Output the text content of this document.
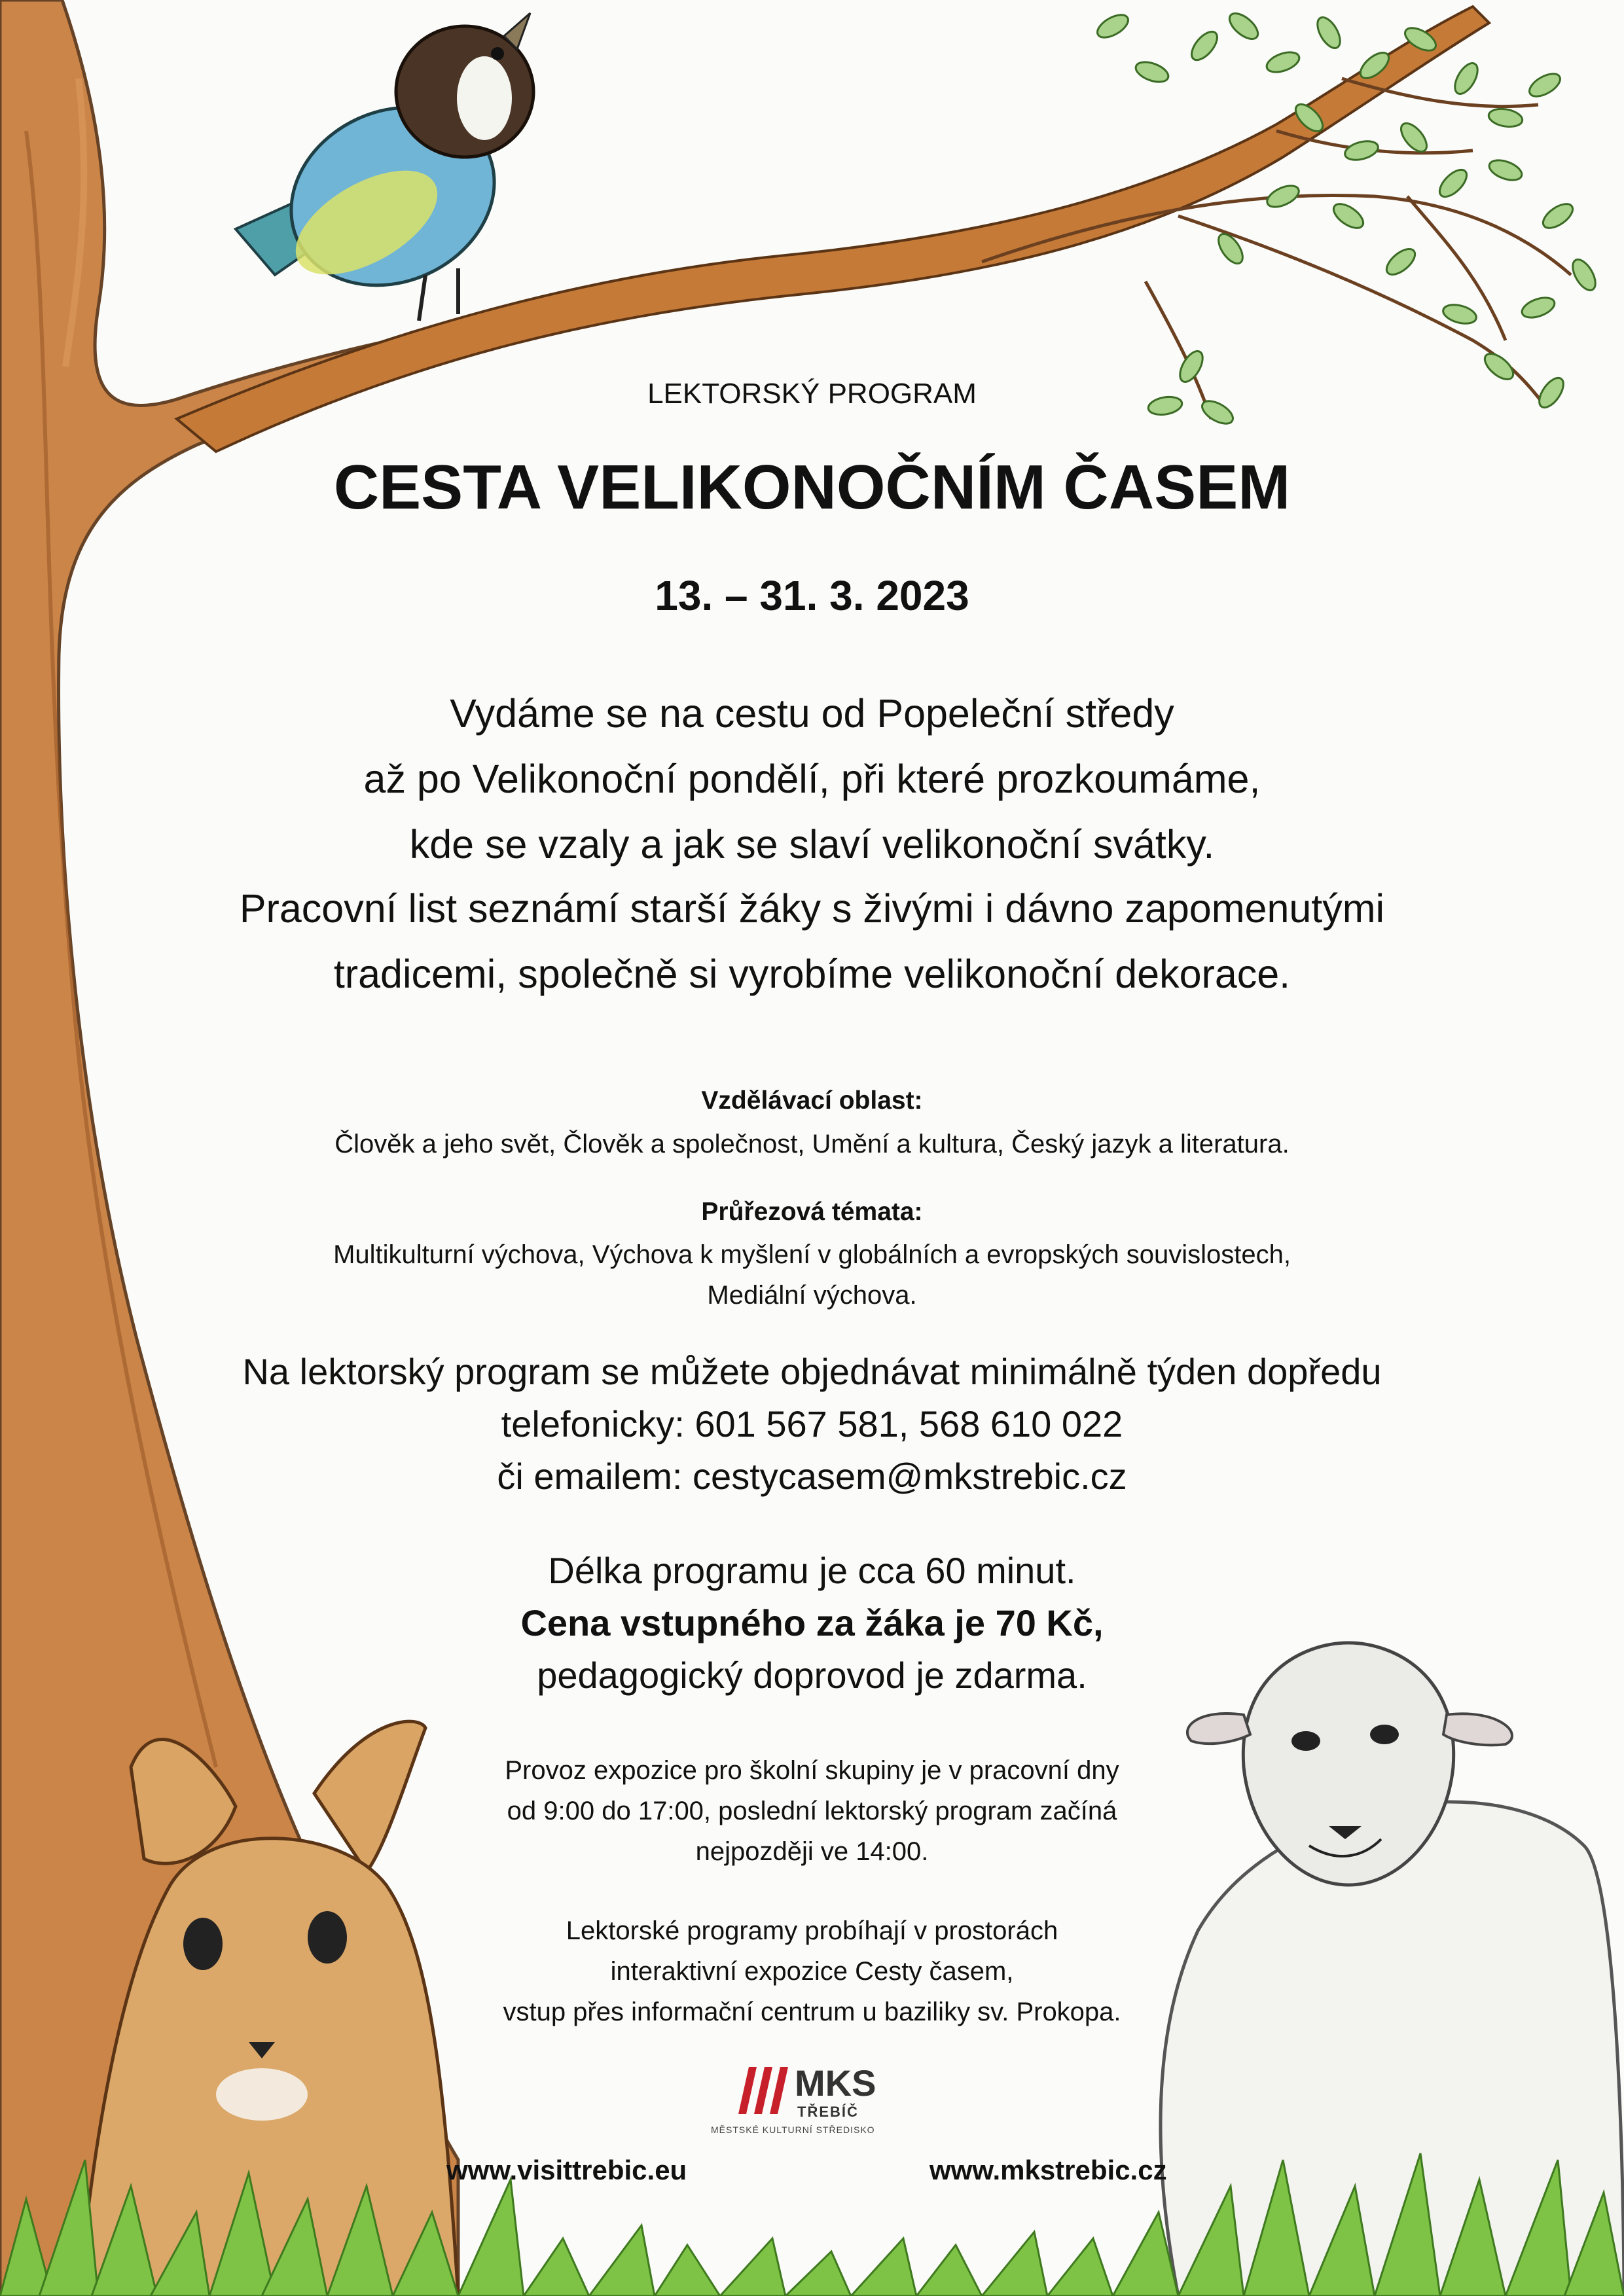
LEKTORSKÝ PROGRAM
CESTA VELIKONOČNÍM ČASEM
13. – 31. 3. 2023
Vydáme se na cestu od Popeleční středy
až po Velikonoční pondělí, při které prozkoumáme,
kde se vzaly a jak se slaví velikonoční svátky.
Pracovní list seznámí starší žáky s živými i dávno zapomenutými
tradicemi, společně si vyrobíme velikonoční dekorace.
Vzdělávací oblast:
Člověk a jeho svět, Člověk a společnost, Umění a kultura, Český jazyk a literatura.
Průřezová témata:
Multikulturní výchova, Výchova k myšlení v globálních a evropských souvislostech,
Mediální výchova.
Na lektorský program se můžete objednávat minimálně týden dopředu
telefonicky: 601 567 581, 568 610 022
či emailem: cestycasem@mkstrebic.cz
Délka programu je cca 60 minut.
Cena vstupného za žáka je 70 Kč,
pedagogický doprovod je zdarma.
Provoz expozice pro školní skupiny je v pracovní dny
od 9:00 do 17:00, poslední lektorský program začíná
nejpozději ve 14:00.
Lektorské programy probíhají v prostorách
interaktivní expozice Cesty časem,
vstup přes informační centrum u baziliky sv. Prokopa.
MKS
TŘEBÍČ
MĚSTSKÉ KULTURNÍ STŘEDISKO
www.visittrebic.eu	www.mkstrebic.cz
